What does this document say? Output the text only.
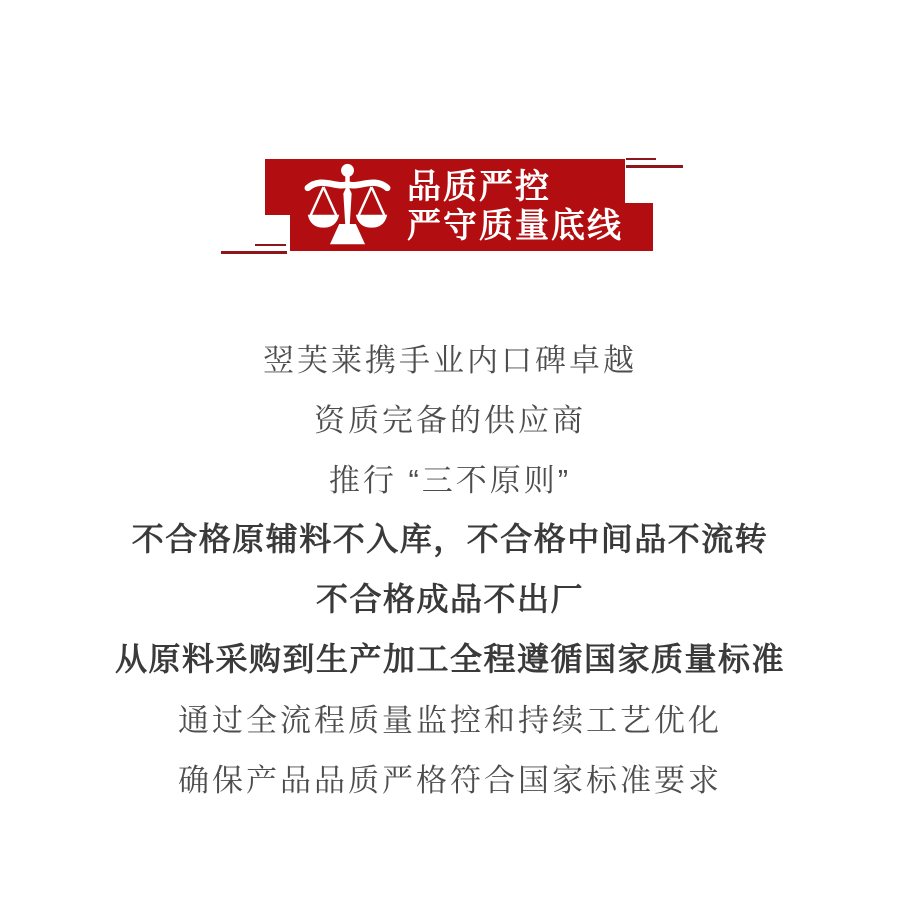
品质严控
严守质量底线
翌芙莱携手业内口碑卓越
资质完备的供应商
推行 “三不原则”
不合格原辅料不入库，不合格中间品不流转
不合格成品不出厂
从原料采购到生产加工全程遵循国家质量标准
通过全流程质量监控和持续工艺优化
确保产品品质严格符合国家标准要求
